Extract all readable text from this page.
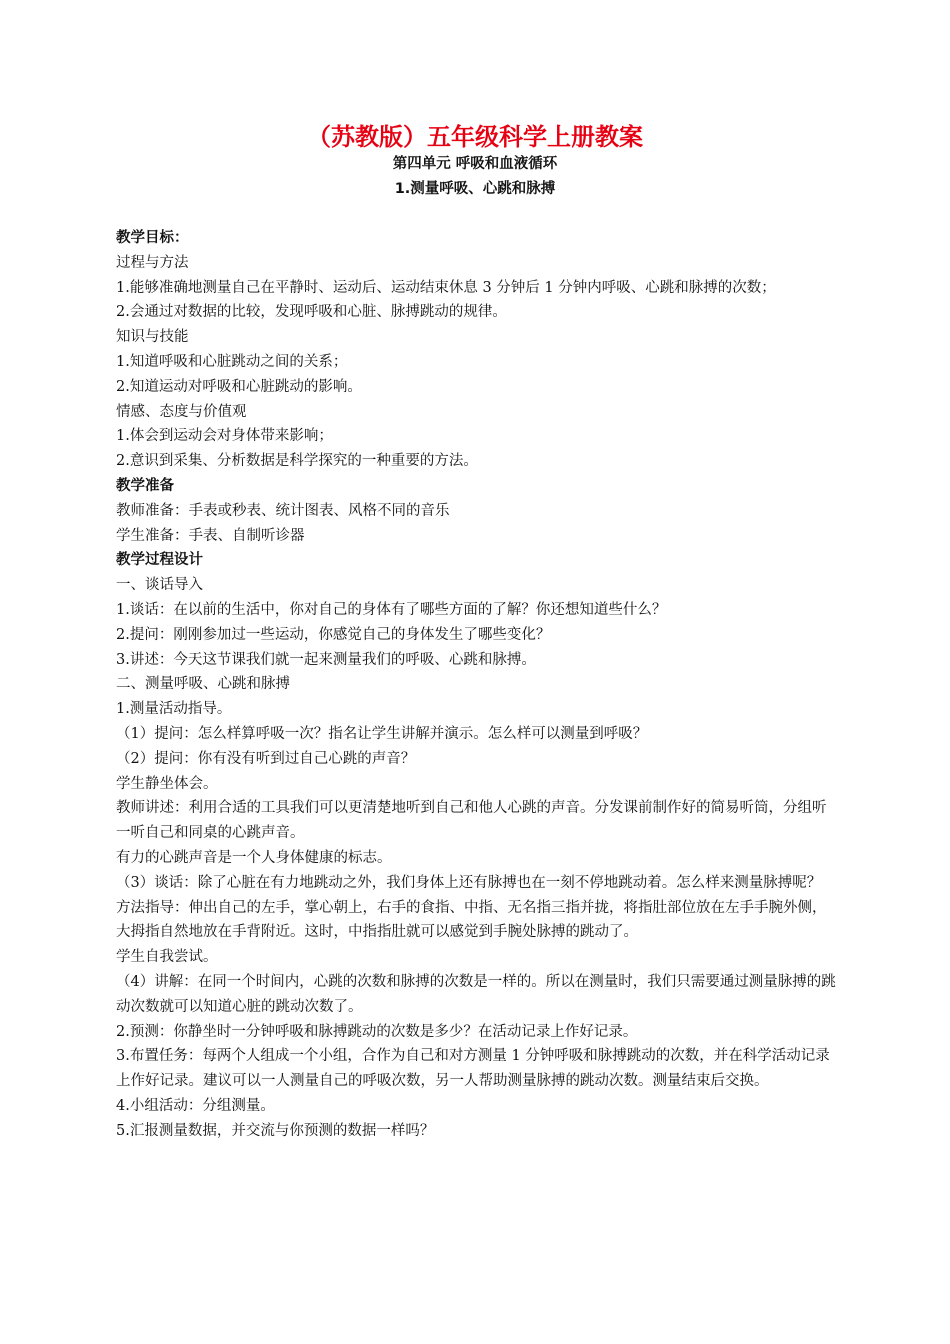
（苏教版）五年级科学上册教案
第四单元 呼吸和血液循环
1.测量呼吸、心跳和脉搏

教学目标：

过程与方法

1.能够准确地测量自己在平静时、运动后、运动结束休息 3 分钟后 1 分钟内呼吸、心跳和脉搏的次数；

2.会通过对数据的比较，发现呼吸和心脏、脉搏跳动的规律。

知识与技能

1.知道呼吸和心脏跳动之间的关系；

2.知道运动对呼吸和心脏跳动的影响。

情感、态度与价值观

1.体会到运动会对身体带来影响；

2.意识到采集、分析数据是科学探究的一种重要的方法。

教学准备

教师准备：手表或秒表、统计图表、风格不同的音乐

学生准备：手表、自制听诊器

教学过程设计

一、谈话导入

1.谈话：在以前的生活中，你对自己的身体有了哪些方面的了解？你还想知道些什么？

2.提问：刚刚参加过一些运动，你感觉自己的身体发生了哪些变化？

3.讲述：今天这节课我们就一起来测量我们的呼吸、心跳和脉搏。

二、测量呼吸、心跳和脉搏

1.测量活动指导。

（1）提问：怎么样算呼吸一次？指名让学生讲解并演示。怎么样可以测量到呼吸？

（2）提问：你有没有听到过自己心跳的声音？

学生静坐体会。

教师讲述：利用合适的工具我们可以更清楚地听到自己和他人心跳的声音。分发课前制作好的简易听筒，分组听一听自己和同桌的心跳声音。

有力的心跳声音是一个人身体健康的标志。

（3）谈话：除了心脏在有力地跳动之外，我们身体上还有脉搏也在一刻不停地跳动着。怎么样来测量脉搏呢？

方法指导：伸出自己的左手，掌心朝上，右手的食指、中指、无名指三指并拢，将指肚部位放在左手手腕外侧，大拇指自然地放在手背附近。这时，中指指肚就可以感觉到手腕处脉搏的跳动了。

学生自我尝试。

（4）讲解：在同一个时间内，心跳的次数和脉搏的次数是一样的。所以在测量时，我们只需要通过测量脉搏的跳动次数就可以知道心脏的跳动次数了。

2.预测：你静坐时一分钟呼吸和脉搏跳动的次数是多少？在活动记录上作好记录。

3.布置任务：每两个人组成一个小组，合作为自己和对方测量 1 分钟呼吸和脉搏跳动的次数，并在科学活动记录上作好记录。建议可以一人测量自己的呼吸次数，另一人帮助测量脉搏的跳动次数。测量结束后交换。

4.小组活动：分组测量。

5.汇报测量数据，并交流与你预测的数据一样吗？
